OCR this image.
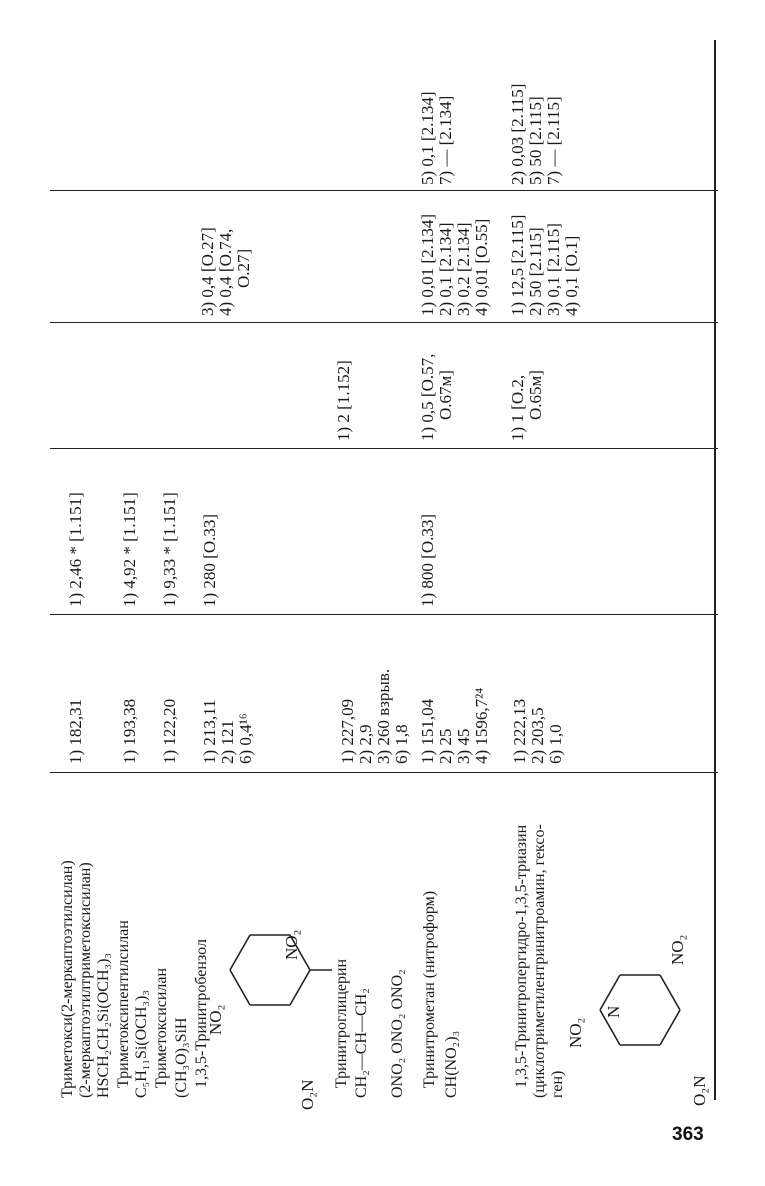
363
Триметокси(2-меркаптоэтилсилан) (2-меркаптоэтилтриметоксисилан) HSCH₂CH₂Si(OCH₃)₃
1) 182,31
1) 2,46 * [1.151]
Триметоксипентилсилан C₅H₁₁Si(OCH₃)₃
1) 193,38
1) 4,92 * [1.151]
Триметоксисилан (CH₃O)₃SiH
1) 122,20
1) 9,33 * [1.151]
1,3,5-Тринитробензол
1) 213,11 2) 121 6) 0,4¹⁶
1) 280 [O.33]
3) 0,4 [O.27] 4) 0,4 [O.74, O.27]
Тринитроглицерин CH₂—CH—CH₂ ONO₂ ONO₂ ONO₂
1) 227,09 2) 2,9 3) 260 взрыв. 6) 1,8
1) 2 [1.152]
Тринитрометан (нитроформ) CH(NO₂)₃
1) 151,04 2) 25 3) 45 4) 1596,7²⁴
1) 800 [O.33]
1) 0,5 [O.57, O.67м]
1) 0,01 [2.134] 2) 0,1 [2.134] 3) 0,2 [2.134] 4) 0,01 [O.55]
5) 0,1 [2.134] 7) — [2.134]
1,3,5-Тринитропергидро-1,3,5-триазин (циклотриметилентринитроамин, гексо- ген)
1) 222,13 2) 203,5 6) 1,0
1) 1 [O.2, O.65м]
1) 12,5 [2.115] 2) 50 [2.115] 3) 0,1 [2.115] 4) 0,1 [O.1]
2) 0,03 [2.115] 5) 50 [2.115] 7) — [2.115]
NO₂
NO₂
O₂N
NO₂
N
NO₂
O₂N
